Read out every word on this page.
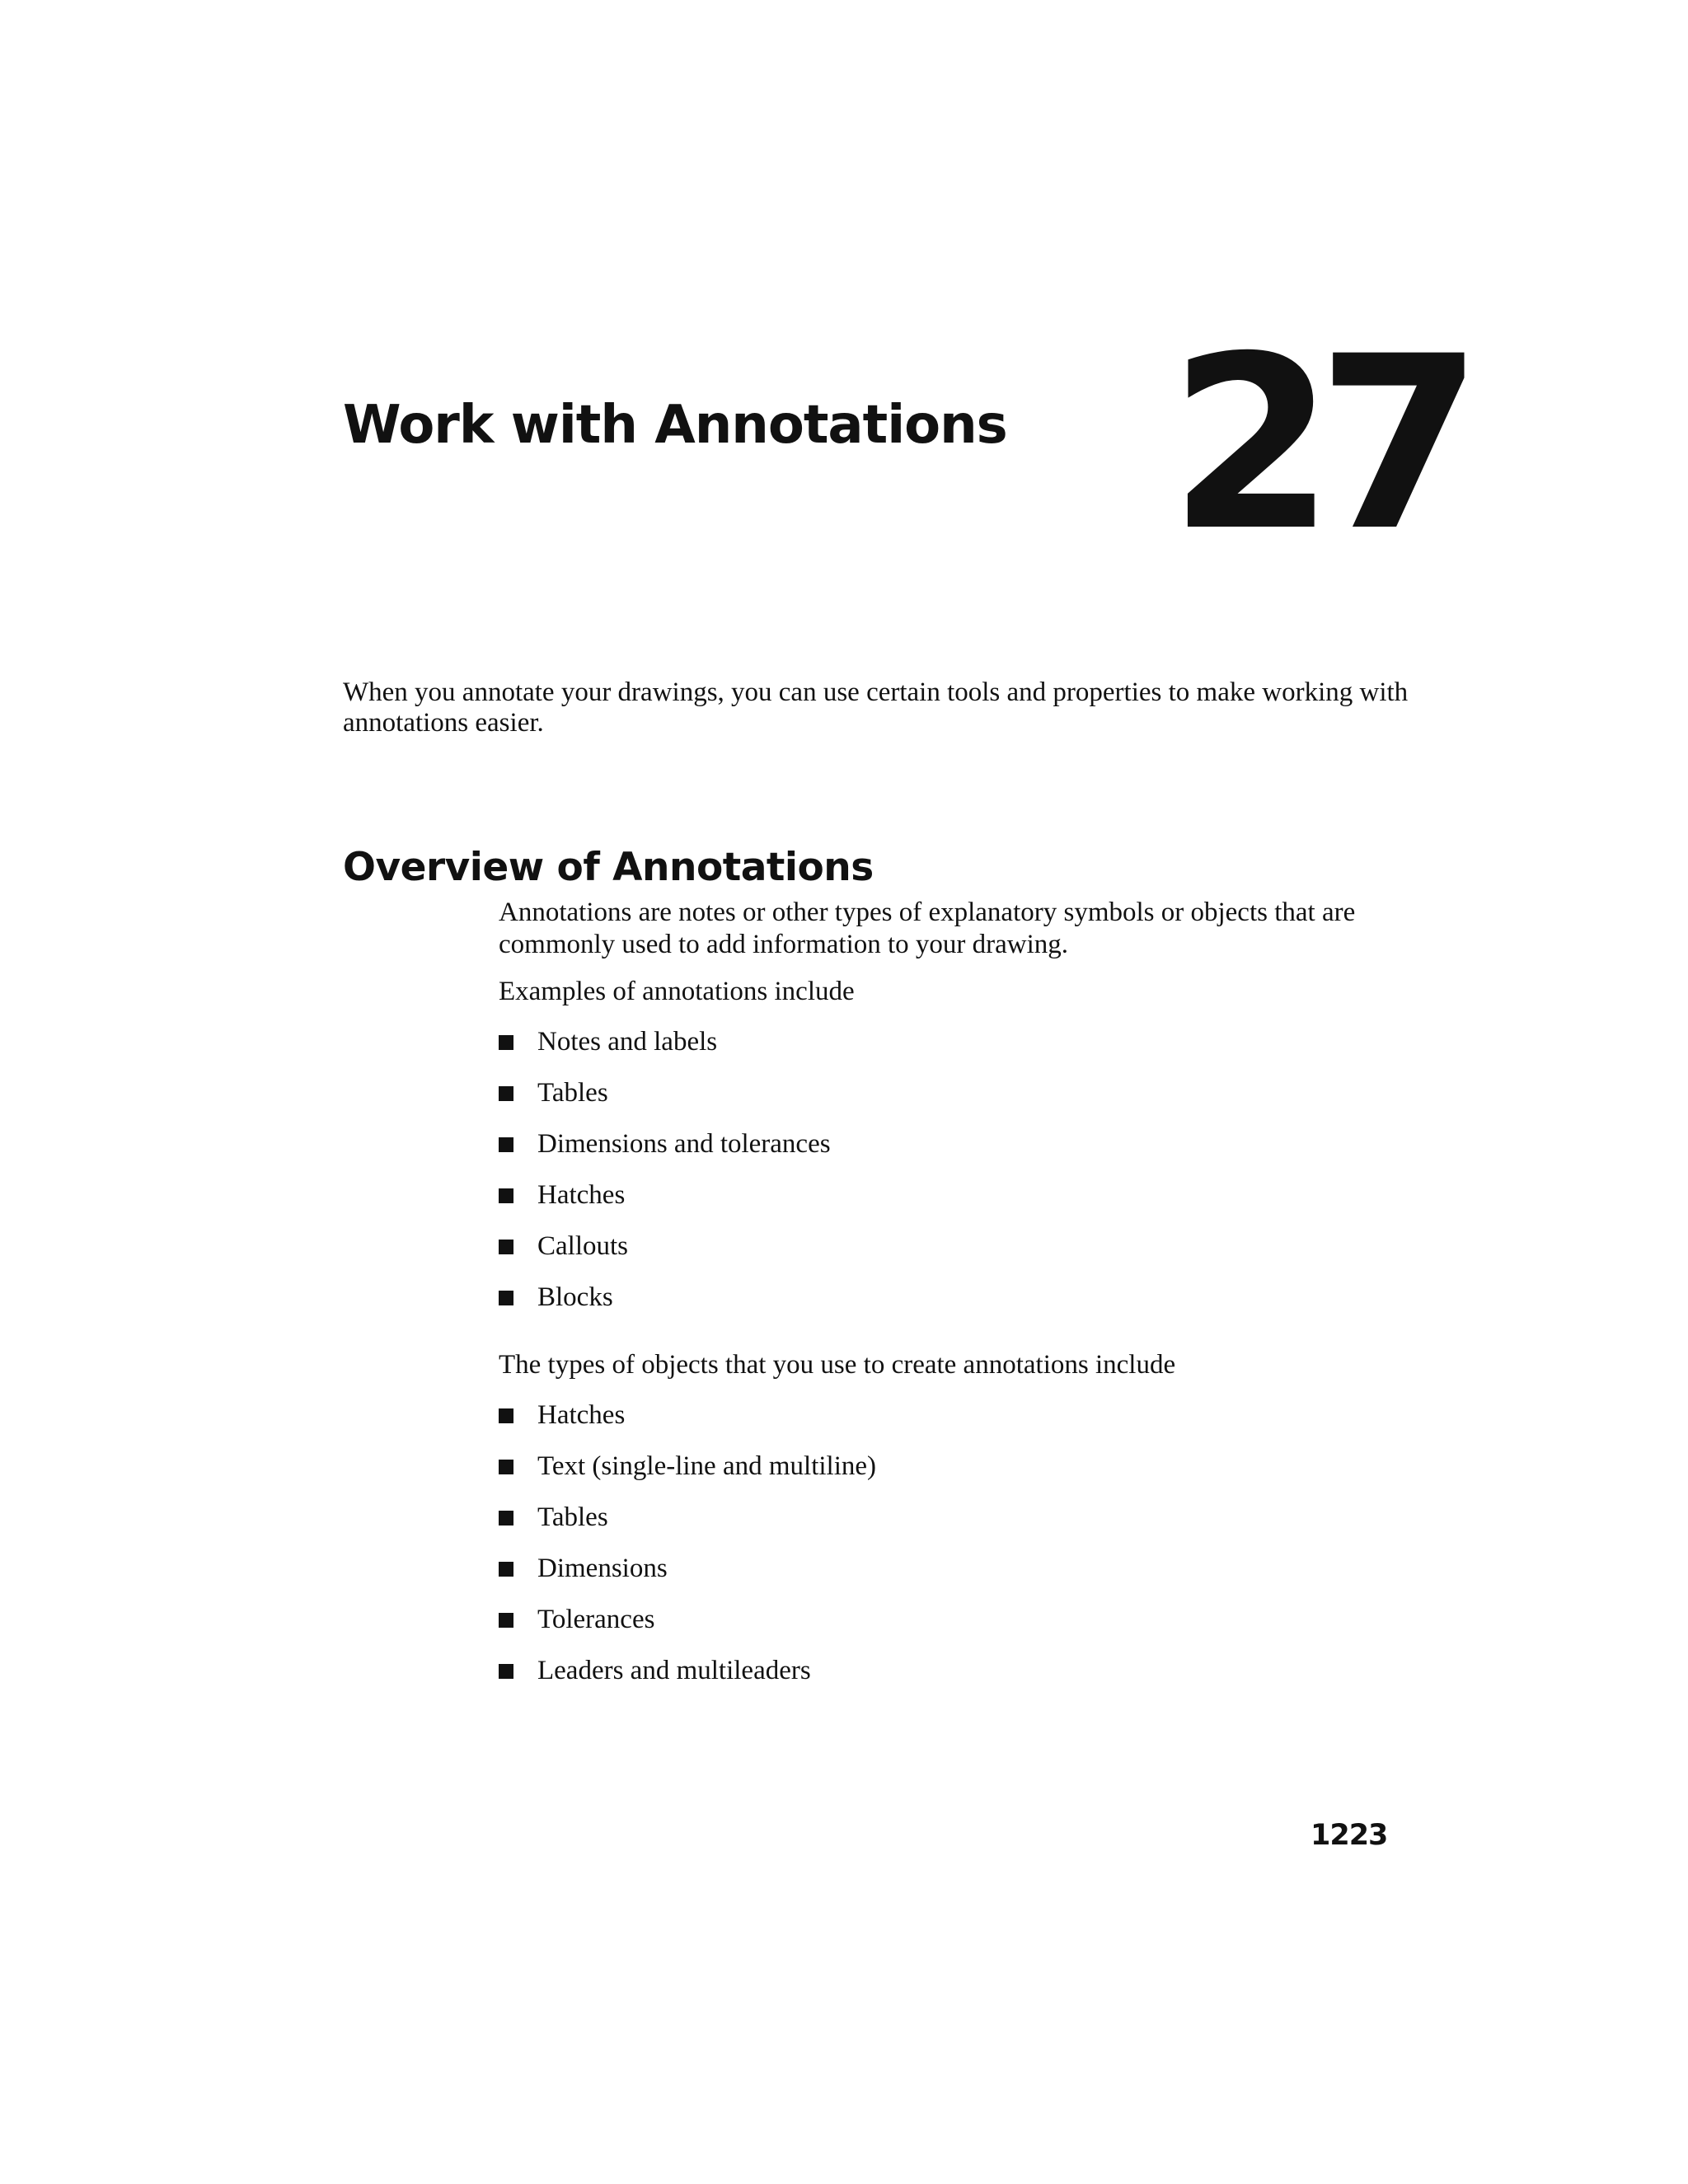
Work with Annotations 27

When you annotate your drawings, you can use certain tools and properties to make working with annotations easier.

Overview of Annotations

Annotations are notes or other types of explanatory symbols or objects that are commonly used to add information to your drawing.

Examples of annotations include

Notes and labels
Tables
Dimensions and tolerances
Hatches
Callouts
Blocks

The types of objects that you use to create annotations include

Hatches
Text (single-line and multiline)
Tables
Dimensions
Tolerances
Leaders and multileaders
1223
